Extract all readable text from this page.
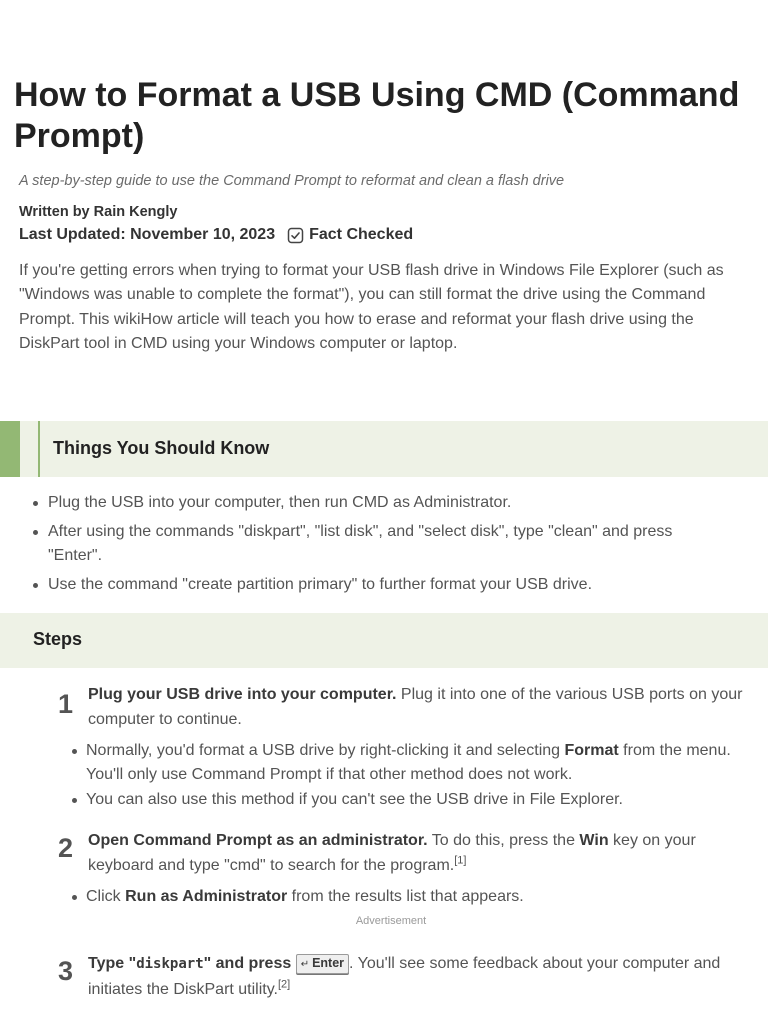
How to Format a USB Using CMD (Command Prompt)

A step-by-step guide to use the Command Prompt to reformat and clean a flash drive

Written by Rain Kengly

Last Updated: November 10, 2023 Fact Checked

If you're getting errors when trying to format your USB flash drive in Windows File Explorer (such as "Windows was unable to complete the format"), you can still format the drive using the Command Prompt. This wikiHow article will teach you how to erase and reformat your flash drive using the DiskPart tool in CMD using your Windows computer or laptop.

Things You Should Know
Plug the USB into your computer, then run CMD as Administrator.
After using the commands "diskpart", "list disk", and "select disk", type "clean" and press "Enter".
Use the command "create partition primary" to further format your USB drive.
Steps
1 Plug your USB drive into your computer. Plug it into one of the various USB ports on your computer to continue.

Normally, you'd format a USB drive by right-clicking it and selecting Format from the menu. You'll only use Command Prompt if that other method does not work.
You can also use this method if you can't see the USB drive in File Explorer.
2 Open Command Prompt as an administrator. To do this, press the Win key on your keyboard and type "cmd" to search for the program.[1]

Click Run as Administrator from the results list that appears.

Advertisement

3 Type "diskpart" and press ↵ Enter . You'll see some feedback about your computer and initiates the DiskPart utility.[2]
